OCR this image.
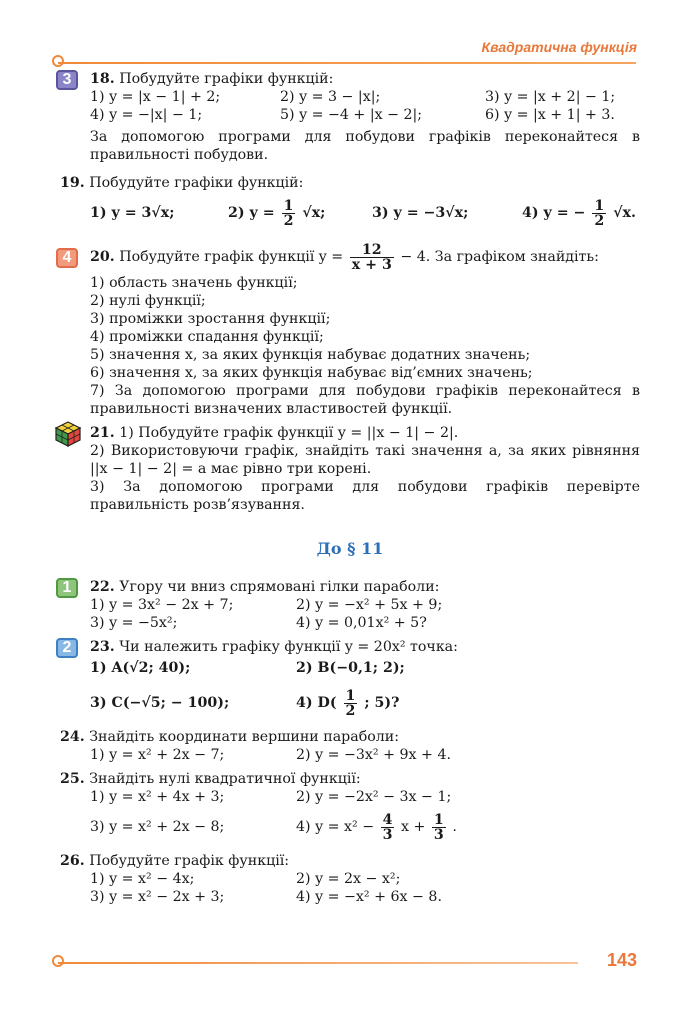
Квадратична функція
3	18. Побудуйте графіки функцій:
1) y = |x − 1| + 2;	2) y = 3 − |x|;	3) y = |x + 2| − 1;
4) y = −|x| − 1;	5) y = −4 + |x − 2|;	6) y = |x + 1| + 3.
За допомогою програми для побудови графіків переконайтеся в правильності побудови.
19. Побудуйте графіки функцій:
1) y = 3√x;	2) $y = \frac{1}{2} √x$;	3) y = −3√x;	4) y = − $\frac{1}{2} √x$.
4	20. Побудуйте графік функції $y = \frac{12}{x + 3} - 4$. За графіком знайдіть:
1) область значень функції;
2) нулі функції;
3) проміжки зростання функції;
4) проміжки спадання функції;
5) значення x, за яких функція набуває додатних значень;
6) значення x, за яких функція набуває від’ємних значень;
7) За допомогою програми для побудови графіків переконайтеся в правильності визначених властивостей функції.
21. 1) Побудуйте графік функції y = ||x − 1| − 2|.
2) Використовуючи графік, знайдіть такі значення a, за яких рівняння ||x − 1| − 2| = a має рівно три корені.
3) За допомогою програми для побудови графіків перевірте правильність розв’язування.
До § 11
1	22. Угору чи вниз спрямовані гілки параболи:
1) y = 3x² − 2x + 7;	2) y = −x² + 5x + 9;
3) y = −5x²;	4) y = 0,01x² + 5?
2	23. Чи належить графіку функції y = 20x² точка:
1) A(√2; 40);	2) B(−0,1; 2);
3) C(−√5; − 100);	4) $D( \frac{1}{2}$ ; 5)?
24. Знайдіть координати вершини параболи:
1) y = x² + 2x − 7;	2) y = −3x² + 9x + 4.
25. Знайдіть нулі квадратичної функції:
1) y = x² + 4x + 3;	2) y = −2x² − 3x − 1;
3) y = x² + 2x − 8;	4) $y = x^2 - \frac{4}{3}$ $x + \frac{1}{3}$ .
26. Побудуйте графік функції:
1) y = x² − 4x;	2) y = 2x − x²;
3) y = x² − 2x + 3;	4) y = −x² + 6x − 8.
143
